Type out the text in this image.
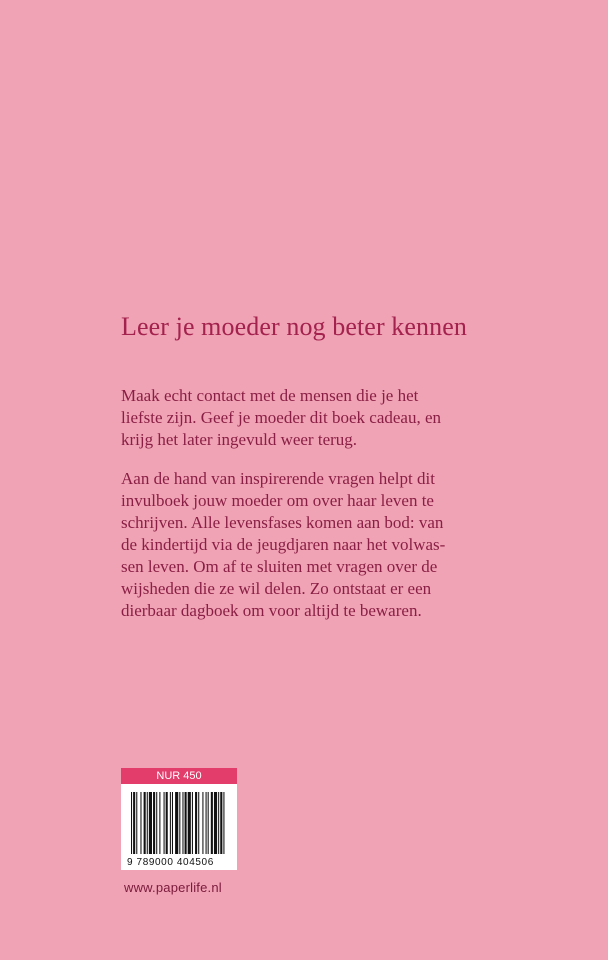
Leer je moeder nog beter kennen

Maak echt contact met de mensen die je het
liefste zijn. Geef je moeder dit boek cadeau, en
krijg het later ingevuld weer terug.

Aan de hand van inspirerende vragen helpt dit
invulboek jouw moeder om over haar leven te
schrijven. Alle levensfases komen aan bod: van
de kindertijd via de jeugdjaren naar het volwas-
sen leven. Om af te sluiten met vragen over de
wijsheden die ze wil delen. Zo ontstaat er een
dierbaar dagboek om voor altijd te bewaren.

NUR 450
9 789000 404506
www.paperlife.nl
